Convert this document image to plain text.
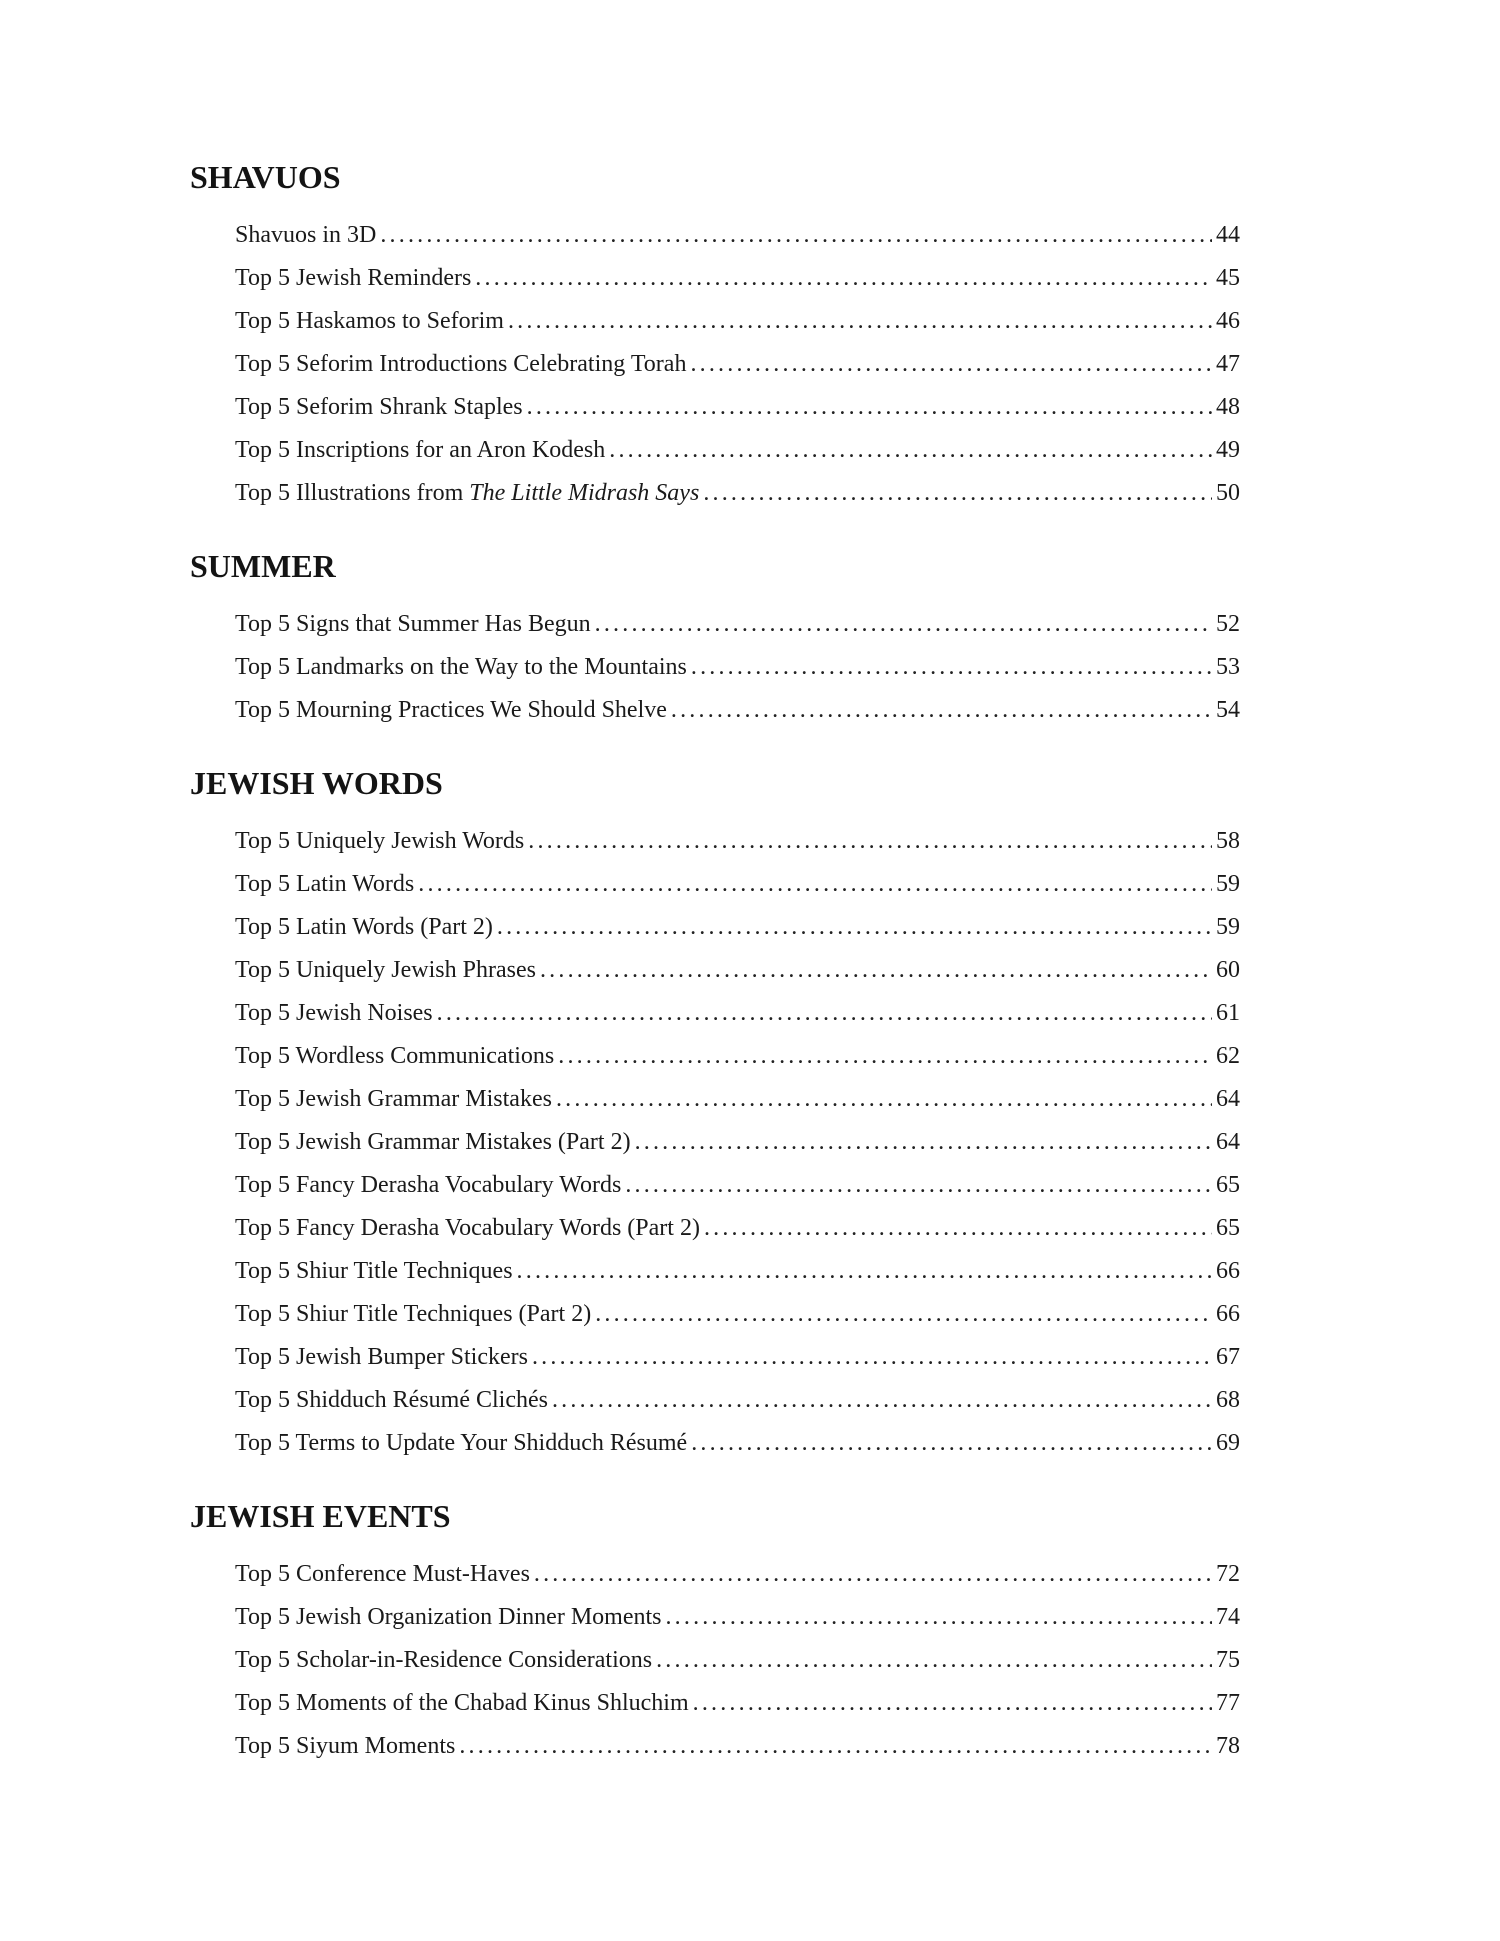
SHAVUOS
Shavuos in 3D . . .	44
Top 5 Jewish Reminders . . .	45
Top 5 Haskamos to Seforim . . .	46
Top 5 Seforim Introductions Celebrating Torah . . .	47
Top 5 Seforim Shrank Staples . . .	48
Top 5 Inscriptions for an Aron Kodesh . . .	49
Top 5 Illustrations from The Little Midrash Says . . .	50
SUMMER
Top 5 Signs that Summer Has Begun . . .	52
Top 5 Landmarks on the Way to the Mountains . . .	53
Top 5 Mourning Practices We Should Shelve . . .	54
JEWISH WORDS
Top 5 Uniquely Jewish Words . . .	58
Top 5 Latin Words . . .	59
Top 5 Latin Words (Part 2) . . .	59
Top 5 Uniquely Jewish Phrases . . .	60
Top 5 Jewish Noises . . .	61
Top 5 Wordless Communications . . .	62
Top 5 Jewish Grammar Mistakes . . .	64
Top 5 Jewish Grammar Mistakes (Part 2) . . .	64
Top 5 Fancy Derasha Vocabulary Words . . .	65
Top 5 Fancy Derasha Vocabulary Words (Part 2) . . .	65
Top 5 Shiur Title Techniques . . .	66
Top 5 Shiur Title Techniques (Part 2) . . .	66
Top 5 Jewish Bumper Stickers . . .	67
Top 5 Shidduch Résumé Clichés . . .	68
Top 5 Terms to Update Your Shidduch Résumé . . .	69
JEWISH EVENTS
Top 5 Conference Must-Haves . . .	72
Top 5 Jewish Organization Dinner Moments . . .	74
Top 5 Scholar-in-Residence Considerations . . .	75
Top 5 Moments of the Chabad Kinus Shluchim . . .	77
Top 5 Siyum Moments . . .	78
